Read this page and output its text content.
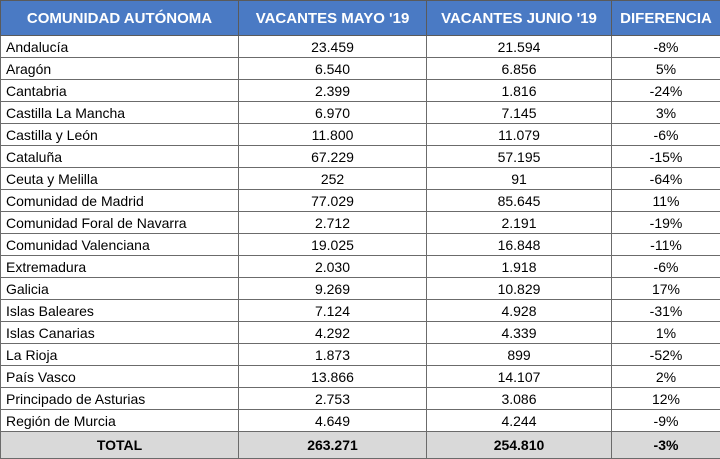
COMUNIDAD AUTÓNOMA	VACANTES MAYO '19	VACANTES JUNIO '19	DIFERENCIA
Andalucía	23.459	21.594	-8%
Aragón	6.540	6.856	5%
Cantabria	2.399	1.816	-24%
Castilla La Mancha	6.970	7.145	3%
Castilla y León	11.800	11.079	-6%
Cataluña	67.229	57.195	-15%
Ceuta y Melilla	252	91	-64%
Comunidad de Madrid	77.029	85.645	11%
Comunidad Foral de Navarra	2.712	2.191	-19%
Comunidad Valenciana	19.025	16.848	-11%
Extremadura	2.030	1.918	-6%
Galicia	9.269	10.829	17%
Islas Baleares	7.124	4.928	-31%
Islas Canarias	4.292	4.339	1%
La Rioja	1.873	899	-52%
País Vasco	13.866	14.107	2%
Principado de Asturias	2.753	3.086	12%
Región de Murcia	4.649	4.244	-9%
TOTAL	263.271	254.810	-3%
